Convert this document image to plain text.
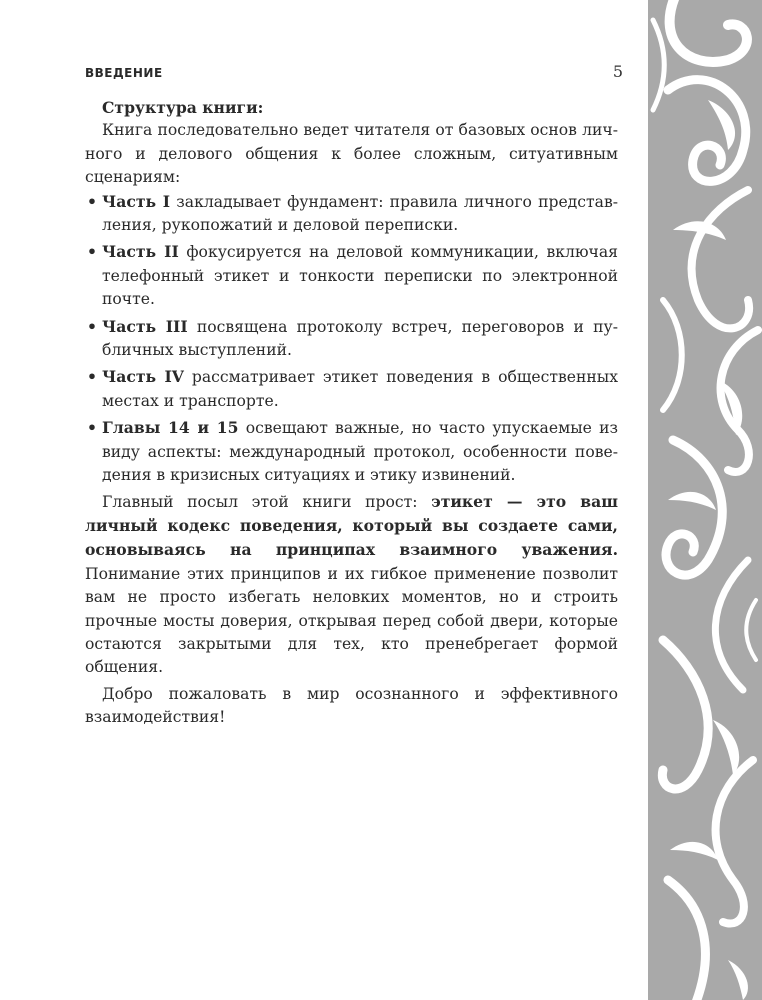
ВВЕДЕНИЕ	5

Структура книги:

Книга последовательно ведет читателя от базовых основ личного и делового общения к более сложным, ситуативным сценариям:

• Часть I закладывает фундамент: правила личного представления, рукопожатий и деловой переписки.
• Часть II фокусируется на деловой коммуникации, включая телефонный этикет и тонкости переписки по электронной почте.
• Часть III посвящена протоколу встреч, переговоров и публичных выступлений.
• Часть IV рассматривает этикет поведения в общественных местах и транспорте.
• Главы 14 и 15 освещают важные, но часто упускаемые из виду аспекты: международный протокол, особенности поведения в кризисных ситуациях и этику извинений.

Главный посыл этой книги прост: этикет — это ваш личный кодекс поведения, который вы создаете сами, основываясь на принципах взаимного уважения. Понимание этих принципов и их гибкое применение позволит вам не просто избегать неловких моментов, но и строить прочные мосты доверия, открывая перед собой двери, которые остаются закрытыми для тех, кто пренебрегает формой общения.

Добро пожаловать в мир осознанного и эффективного взаимодействия!
